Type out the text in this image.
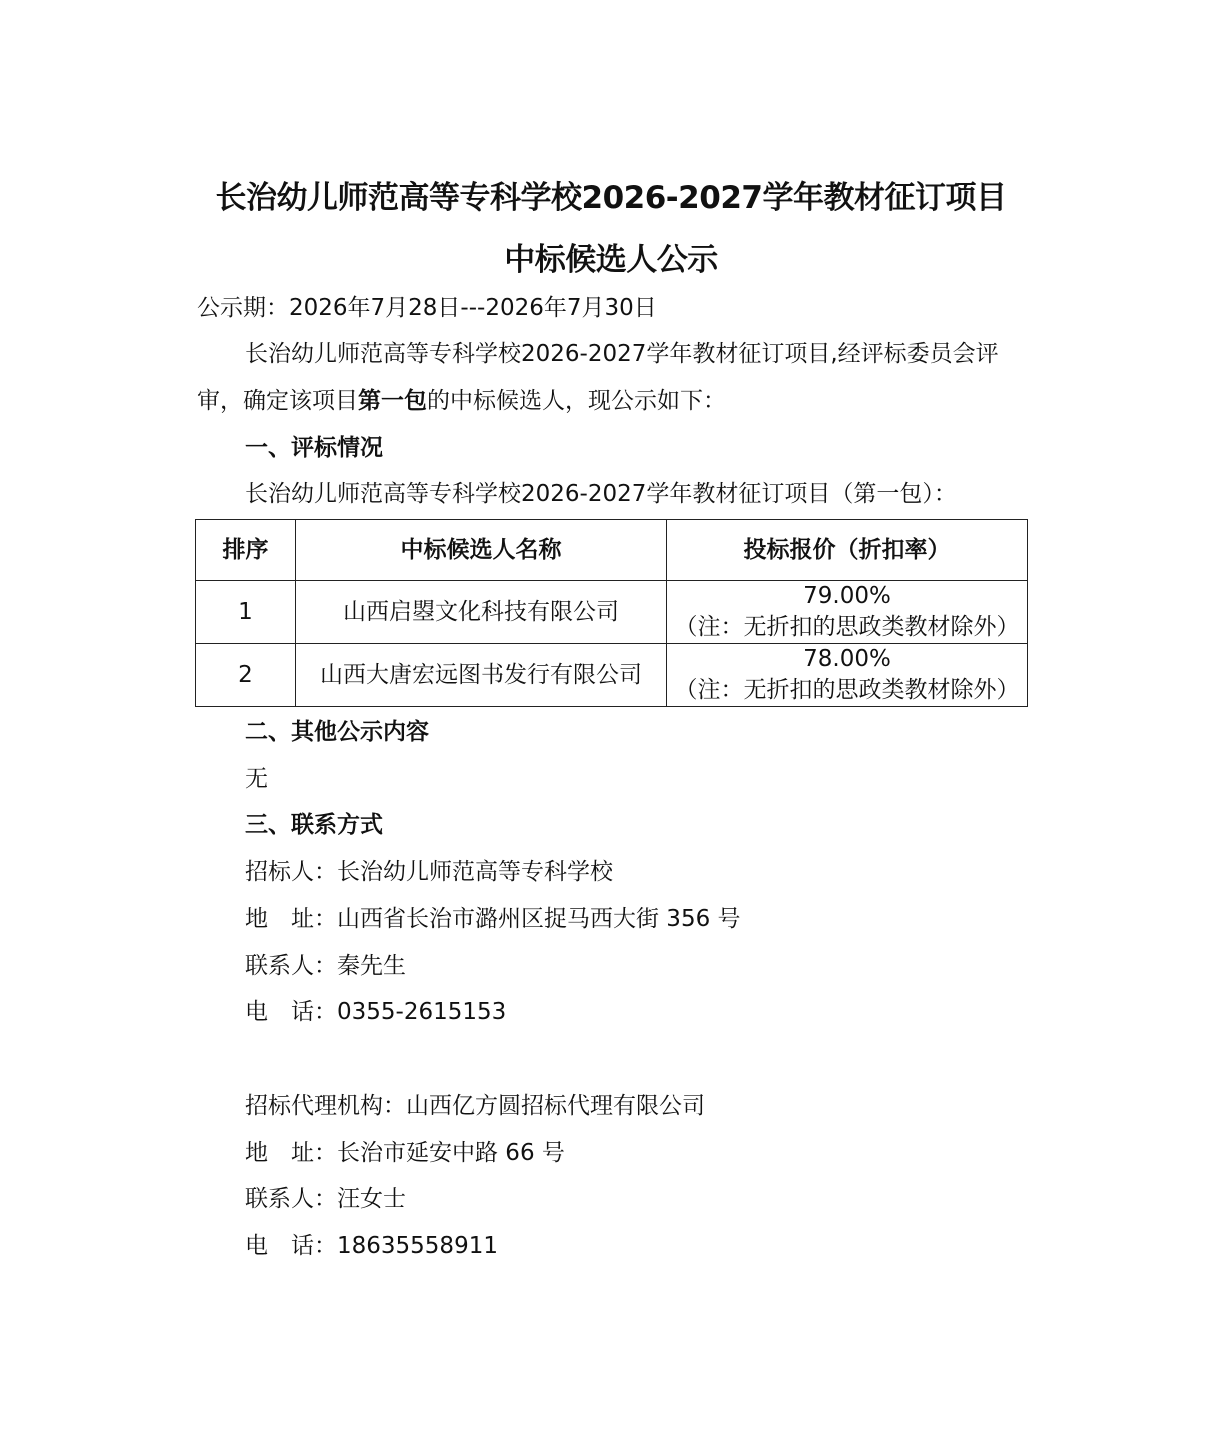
长治幼儿师范高等专科学校2026-2027学年教材征订项目
中标候选人公示
公示期：2026年7月28日---2026年7月30日
长治幼儿师范高等专科学校2026-2027学年教材征订项目,经评标委员会评
审，确定该项目第一包的中标候选人，现公示如下：
一、评标情况
长治幼儿师范高等专科学校2026-2027学年教材征订项目（第一包）：
排序	中标候选人名称	投标报价（折扣率）
1	山西启曌文化科技有限公司	79.00%
（注：无折扣的思政类教材除外）

2	山西大唐宏远图书发行有限公司	78.00%
（注：无折扣的思政类教材除外）
二、其他公示内容
无
三、联系方式
招标人：长治幼儿师范高等专科学校
地　址：山西省长治市潞州区捉马西大街 356 号
联系人：秦先生
电　话：0355-2615153
招标代理机构：山西亿方圆招标代理有限公司
地　址：长治市延安中路 66 号
联系人：汪女士
电　话：18635558911
